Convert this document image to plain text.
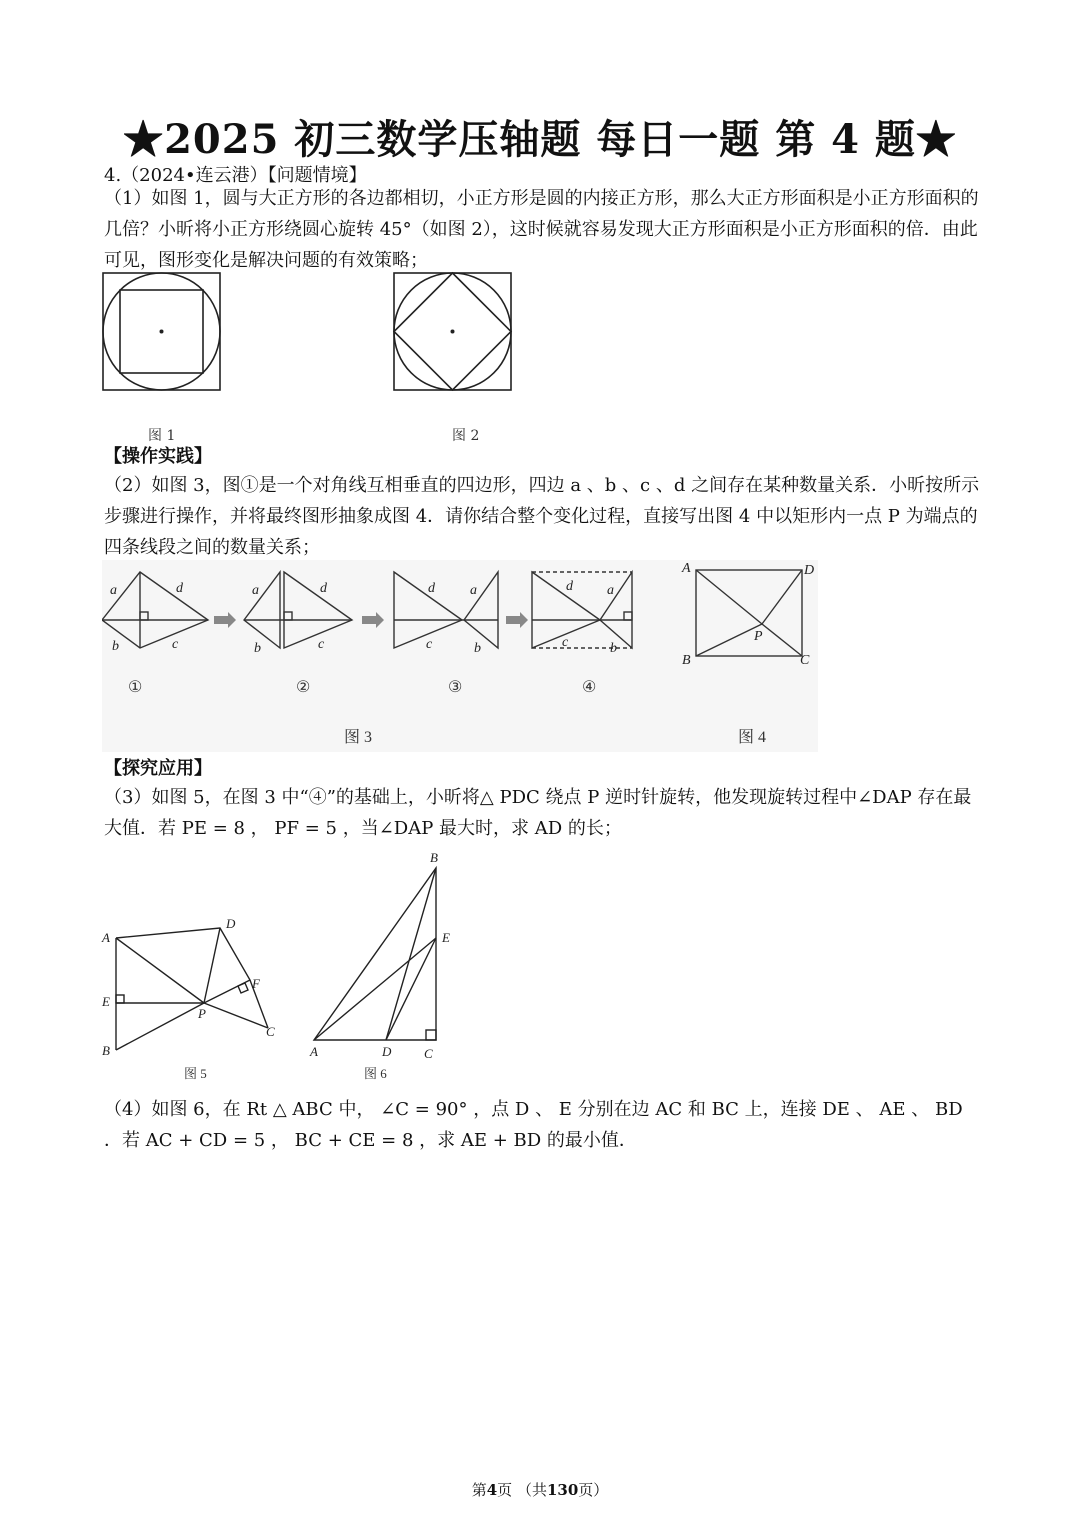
★2025 初三数学压轴题 每日一题 第 4 题★
4.（2024•连云港）【问题情境】
（1）如图 1，圆与大正方形的各边都相切，小正方形是圆的内接正方形，那么大正方形面积是小正方形面积的几倍？小昕将小正方形绕圆心旋转 45°（如图 2），这时候就容易发现大正方形面积是小正方形面积的倍．由此可见，图形变化是解决问题的有效策略；
图 1	图 2
【操作实践】
（2）如图 3，图①是一个对角线互相垂直的四边形，四边 a 、b 、c 、d 之间存在某种数量关系．小昕按所示步骤进行操作，并将最终图形抽象成图 4．请你结合整个变化过程，直接写出图 4 中以矩形内一点 P 为端点的四条线段之间的数量关系；
a	d
b	c
a	d
b	c
d	a
c	b
d a
c	b
A
B	C
D
P
①	②	③	④
图 3	图 4
【探究应用】
（3）如图 5，在图 3 中“④”的基础上，小昕将△ PDC 绕点 P 逆时针旋转，他发现旋转过程中∠DAP 存在最大值．若 PE = 8 ， PF = 5 ，当∠DAP 最大时，求 AD 的长；
A
B
C
D
E
F
P
A
B
C
D
E
图 5	图 6
（4）如图 6，在 Rt △ ABC 中， ∠C = 90° ，点 D 、 E 分别在边 AC 和 BC 上，连接 DE 、 AE 、 BD ．若 AC + CD = 5 ， BC + CE = 8 ，求 AE + BD 的最小值．
第4页 （共130页）
